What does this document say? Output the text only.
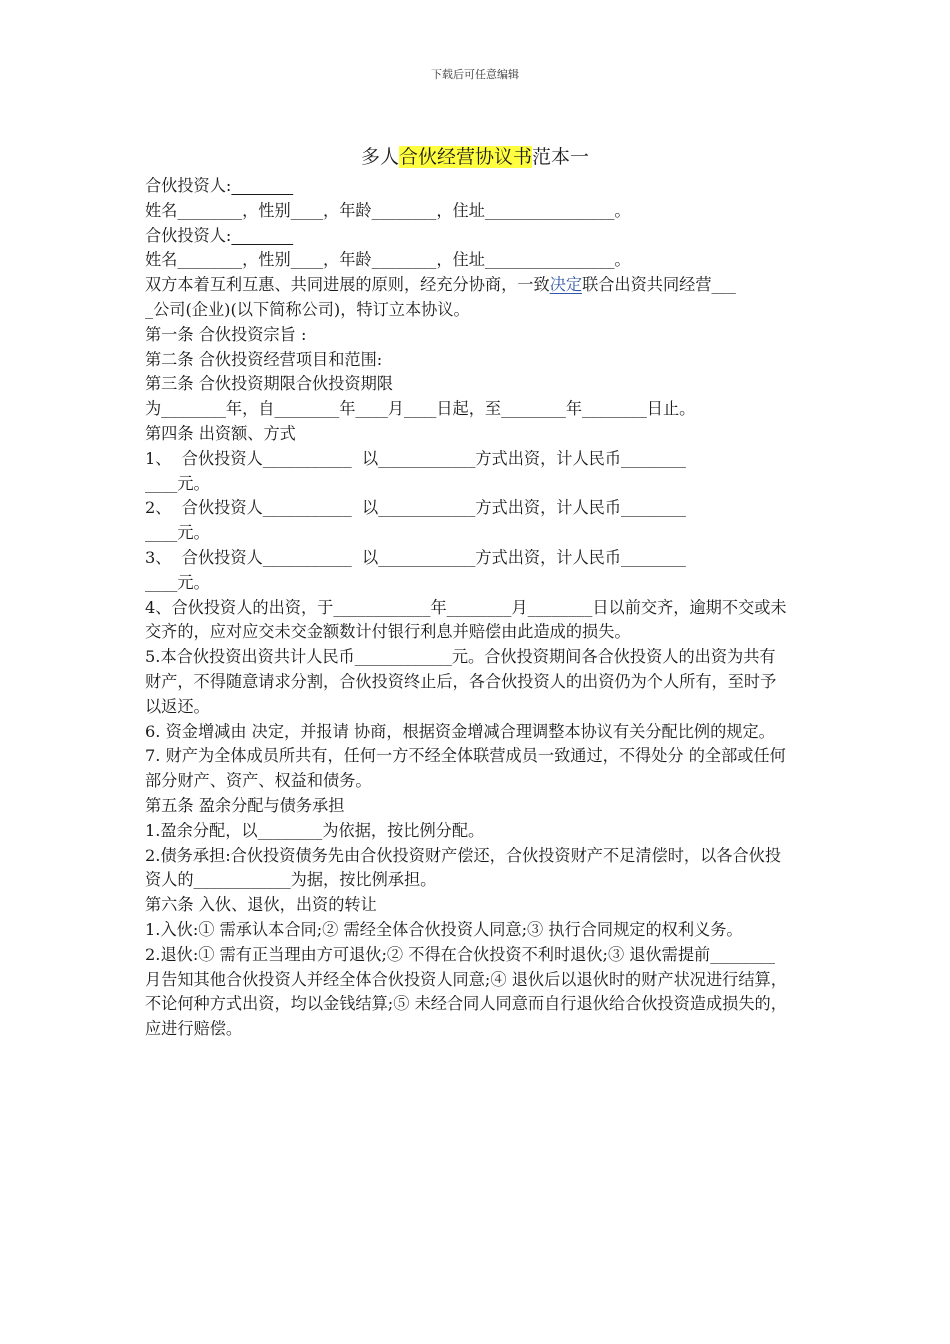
下载后可任意编辑
多人合伙经营协议书范本一

合伙投资人:

姓名________，性别____，年龄________，住址________________。

合伙投资人:

姓名________，性别____，年龄________，住址________________。

双方本着互利互惠、共同进展的原则，经充分协商，一致决定联合出资共同经营___

_公司(企业)(以下简称公司)，特订立本协议。

第一条 合伙投资宗旨 :

第二条 合伙投资经营项目和范围:

第三条 合伙投资期限合伙投资期限

为________年，自________年____月____日起，至________年________日止。

第四条 出资额、方式

1、  合伙投资人___________  以____________方式出资，计人民币________

____元。

2、  合伙投资人___________  以____________方式出资，计人民币________

____元。

3、  合伙投资人___________  以____________方式出资，计人民币________

____元。

4、合伙投资人的出资，于____________年________月________日以前交齐，逾期不交或未交齐的，应对应交未交金额数计付银行利息并赔偿由此造成的损失。

5.本合伙投资出资共计人民币____________元。合伙投资期间各合伙投资人的出资为共有财产，不得随意请求分割，合伙投资终止后，各合伙投资人的出资仍为个人所有，至时予以返还。

6. 资金增减由 决定，并报请 协商，根据资金增减合理调整本协议有关分配比例的规定。

7. 财产为全体成员所共有，任何一方不经全体联营成员一致通过，不得处分 的全部或任何部分财产、资产、权益和债务。

第五条 盈余分配与债务承担

1.盈余分配，以________为依据，按比例分配。

2.债务承担:合伙投资债务先由合伙投资财产偿还，合伙投资财产不足清偿时，以各合伙投资人的____________为据，按比例承担。

第六条 入伙、退伙，出资的转让

1.入伙:① 需承认本合同;② 需经全体合伙投资人同意;③ 执行合同规定的权利义务。

2.退伙:① 需有正当理由方可退伙;② 不得在合伙投资不利时退伙;③ 退伙需提前________月告知其他合伙投资人并经全体合伙投资人同意;④ 退伙后以退伙时的财产状况进行结算，不论何种方式出资，均以金钱结算;⑤ 未经合同人同意而自行退伙给合伙投资造成损失的，应进行赔偿。
